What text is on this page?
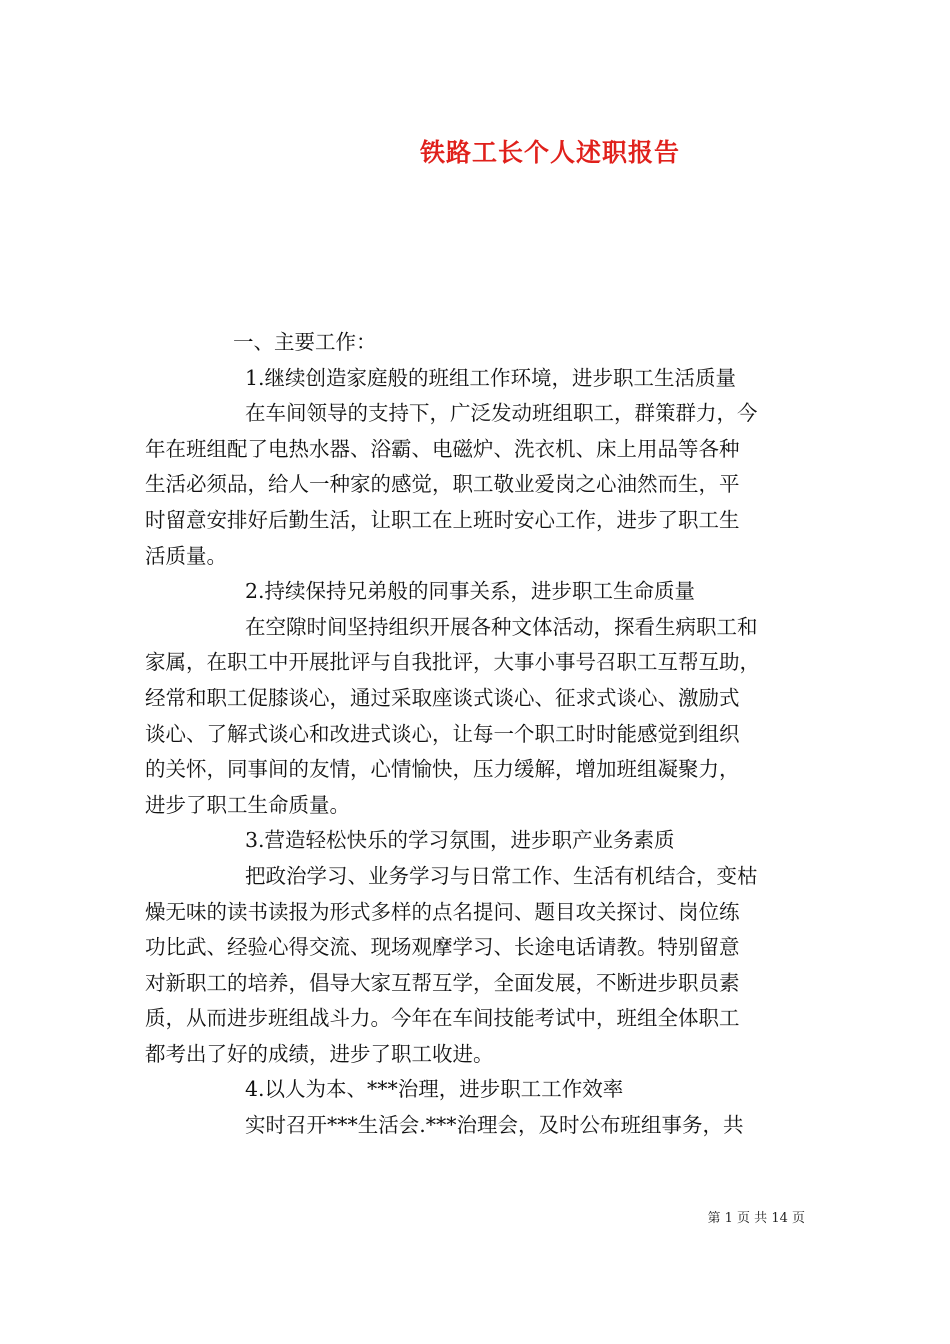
铁路工长个人述职报告

一、主要工作：

1.继续创造家庭般的班组工作环境，进步职工生活质量

在车间领导的支持下，广泛发动班组职工，群策群力，今

年在班组配了电热水器、浴霸、电磁炉、洗衣机、床上用品等各种

生活必须品，给人一种家的感觉，职工敬业爱岗之心油然而生，平

时留意安排好后勤生活，让职工在上班时安心工作，进步了职工生

活质量。

2.持续保持兄弟般的同事关系，进步职工生命质量

在空隙时间坚持组织开展各种文体活动，探看生病职工和

家属，在职工中开展批评与自我批评，大事小事号召职工互帮互助，

经常和职工促膝谈心，通过采取座谈式谈心、征求式谈心、激励式

谈心、了解式谈心和改进式谈心，让每一个职工时时能感觉到组织

的关怀，同事间的友情，心情愉快，压力缓解，增加班组凝聚力，

进步了职工生命质量。

3.营造轻松快乐的学习氛围，进步职产业务素质

把政治学习、业务学习与日常工作、生活有机结合，变枯

燥无味的读书读报为形式多样的点名提问、题目攻关探讨、岗位练

功比武、经验心得交流、现场观摩学习、长途电话请教。特别留意

对新职工的培养，倡导大家互帮互学，全面发展，不断进步职员素

质，从而进步班组战斗力。今年在车间技能考试中，班组全体职工

都考出了好的成绩，进步了职工收进。

4.以人为本、***治理，进步职工工作效率

实时召开***生活会.***治理会，及时公布班组事务，共

第 1 页 共 14 页
